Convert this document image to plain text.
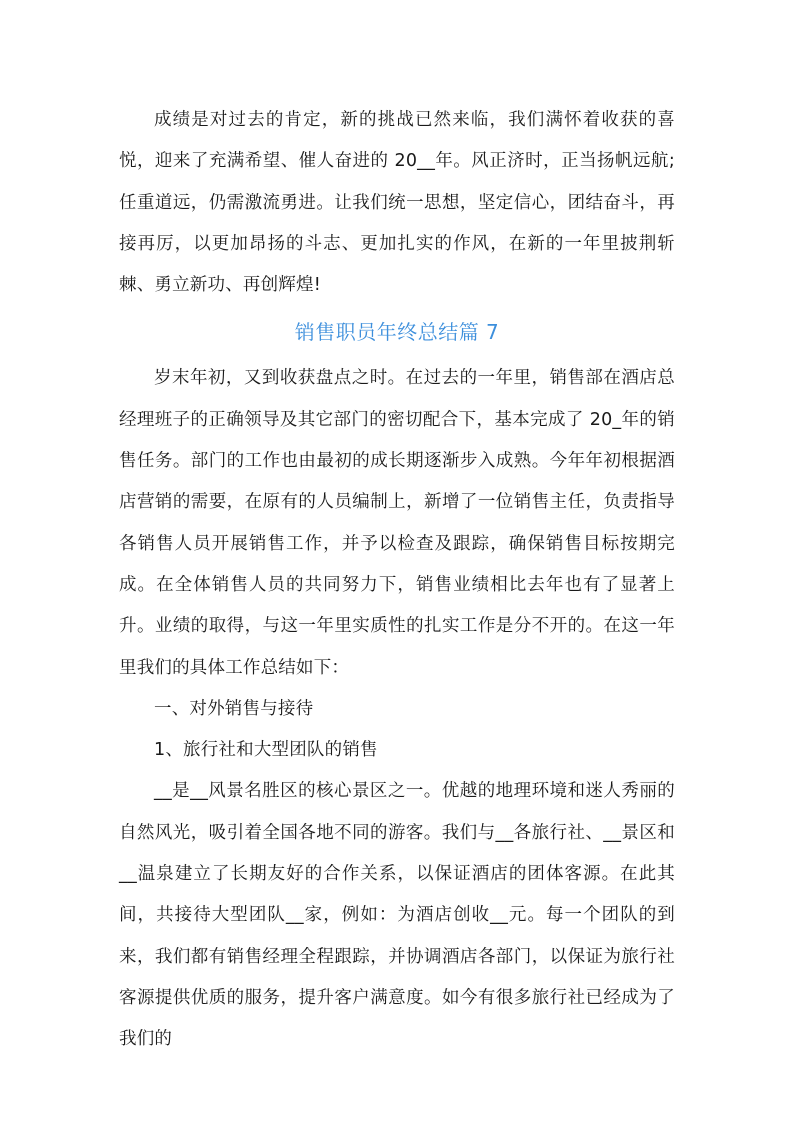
成绩是对过去的肯定，新的挑战已然来临，我们满怀着收获的喜悦，迎来了充满希望、催人奋进的 20__年。风正济时，正当扬帆远航;任重道远，仍需激流勇进。让我们统一思想，坚定信心，团结奋斗，再接再厉，以更加昂扬的斗志、更加扎实的作风，在新的一年里披荆斩棘、勇立新功、再创辉煌!

销售职员年终总结篇 7

岁末年初，又到收获盘点之时。在过去的一年里，销售部在酒店总经理班子的正确领导及其它部门的密切配合下，基本完成了 20_年的销售任务。部门的工作也由最初的成长期逐渐步入成熟。今年年初根据酒店营销的需要，在原有的人员编制上，新增了一位销售主任，负责指导各销售人员开展销售工作，并予以检查及跟踪，确保销售目标按期完成。在全体销售人员的共同努力下，销售业绩相比去年也有了显著上升。业绩的取得，与这一年里实质性的扎实工作是分不开的。在这一年里我们的具体工作总结如下：

一、对外销售与接待

1、旅行社和大型团队的销售

__是__风景名胜区的核心景区之一。优越的地理环境和迷人秀丽的自然风光，吸引着全国各地不同的游客。我们与__各旅行社、__景区和__温泉建立了长期友好的合作关系，以保证酒店的团体客源。在此其间，共接待大型团队__家，例如：为酒店创收__元。每一个团队的到来，我们都有销售经理全程跟踪，并协调酒店各部门，以保证为旅行社客源提供优质的服务，提升客户满意度。如今有很多旅行社已经成为了我们的
